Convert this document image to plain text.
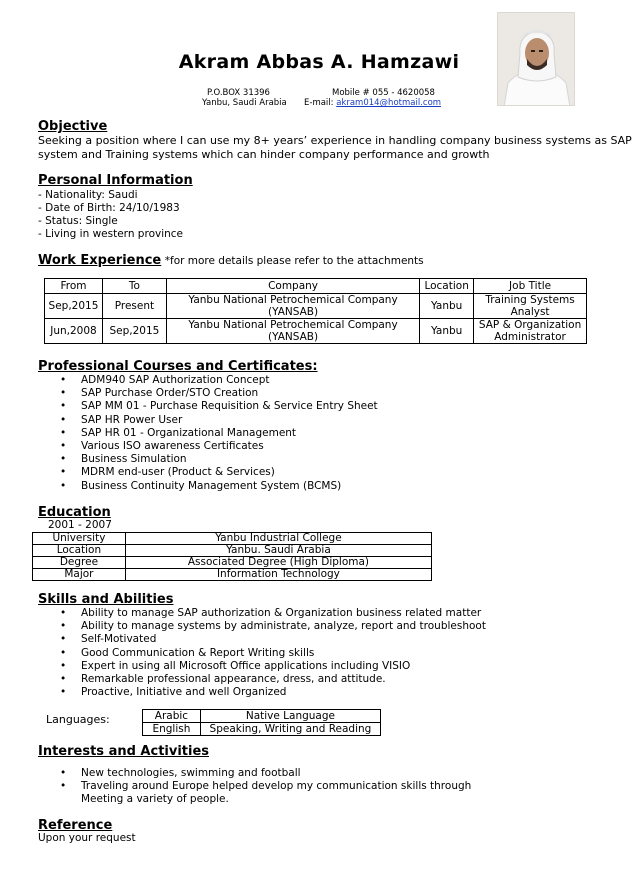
Akram Abbas A. Hamzawi
P.O.BOX 31396
Yanbu, Saudi Arabia
Mobile # 055 - 4620058
E-mail: akram014@hotmail.com
Objective
Seeking a position where I can use my 8+ years’ experience in handling company business systems as SAP
system and Training systems which can hinder company performance and growth
Personal Information
- Nationality: Saudi
- Date of Birth: 24/10/1983
- Status: Single
- Living in western province
Work Experience *for more details please refer to the attachments
From	To	Company	Location	Job Title
Sep,2015	Present	Yanbu National Petrochemical Company (YANSAB)	Yanbu	Training Systems
Analyst

Jun,2008	Sep,2015	Yanbu National Petrochemical Company (YANSAB)	Yanbu	SAP & Organization
Administrator
Professional Courses and Certificates:
• ADM940 SAP Authorization Concept
• SAP Purchase Order/STO Creation
• SAP MM 01 - Purchase Requisition & Service Entry Sheet
• SAP HR Power User
• SAP HR 01 - Organizational Management
• Various ISO awareness Certificates
• Business Simulation
• MDRM end-user (Product & Services)
• Business Continuity Management System (BCMS)
Education
2001 - 2007
University	Yanbu Industrial College
Location	Yanbu. Saudi Arabia
Degree	Associated Degree (High Diploma)
Major	Information Technology
Skills and Abilities
• Ability to manage SAP authorization & Organization business related matter
• Ability to manage systems by administrate, analyze, report and troubleshoot
• Self-Motivated
• Good Communication & Report Writing skills
• Expert in using all Microsoft Office applications including VISIO
• Remarkable professional appearance, dress, and attitude.
• Proactive, Initiative and well Organized
Languages:	Arabic	Native Language
English	Speaking, Writing and Reading
Interests and Activities
• New technologies, swimming and football
• Traveling around Europe helped develop my communication skills through
Meeting a variety of people.
Reference
Upon your request
